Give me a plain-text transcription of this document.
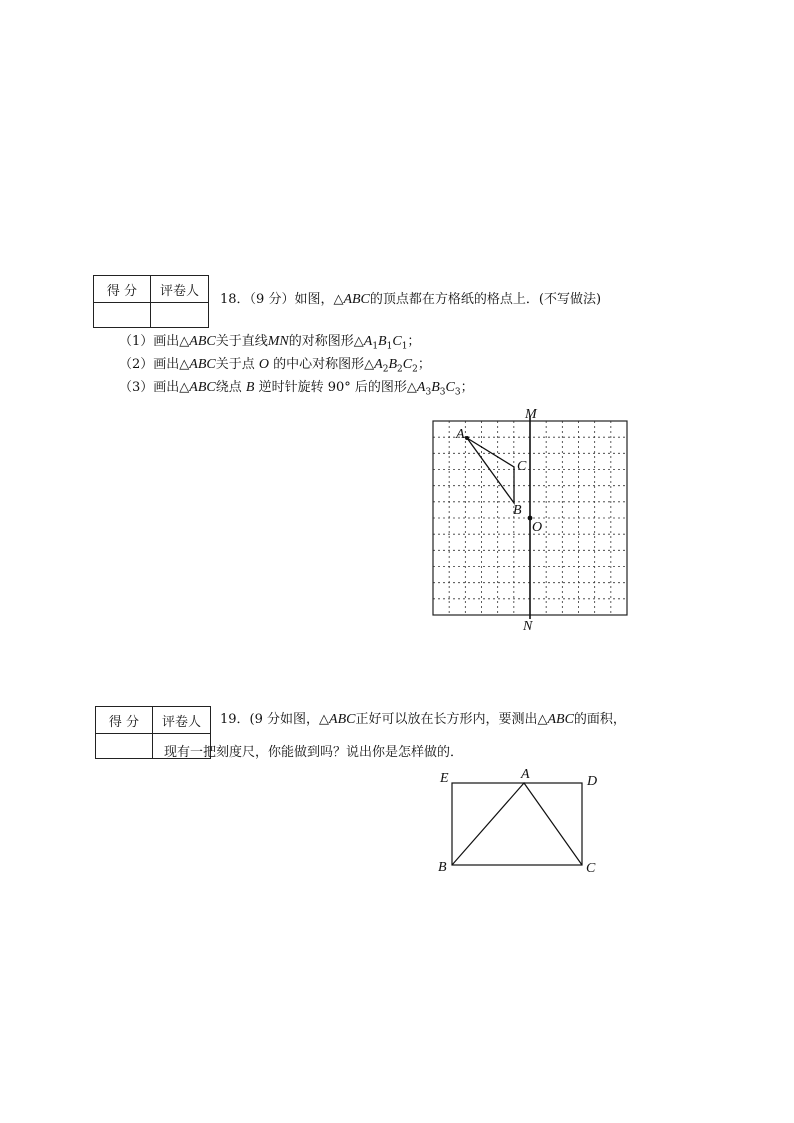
得 分	评卷人

18．（9 分）如图，△ABC的顶点都在方格纸的格点上．(不写做法)
（1）画出△ABC关于直线MN的对称图形$\triangle A_1B_1C_1$；
（2）画出△ABC关于点 O 的中心对称图形$\triangle A_2B_2C_2$；
（3）画出△ABC绕点 B 逆时针旋转 90° 后的图形$\triangle A_3B_3C_3$；
M
N
A
C
B
O
得 分	评卷人
	19．(9 分如图，△ABC正好可以放在长方形内，要测出△ABC的面积，
现有一把刻度尺，你能做到吗？说出你是怎样做的．
E	A	D
B	C
